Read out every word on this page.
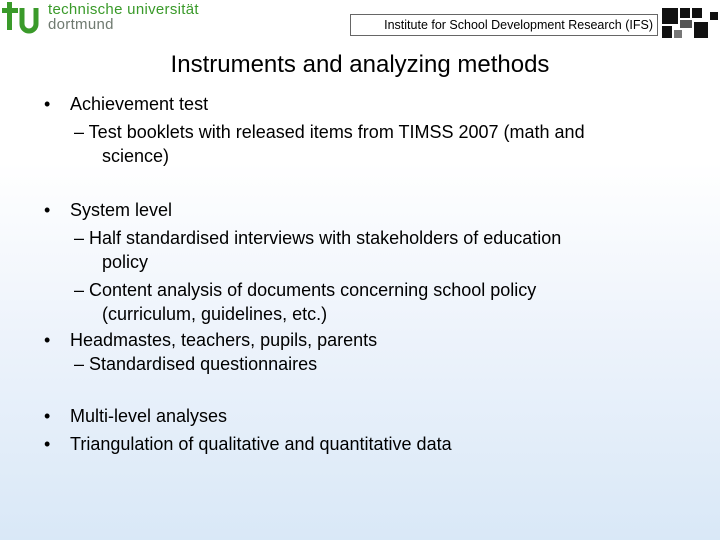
technische universität
dortmund	Institute for School Development Research (IFS)
Instruments and analyzing methods
• Achievement test
– Test booklets with released items from TIMSS 2007 (math and
science)
• System level
– Half standardised interviews with stakeholders of education
policy
– Content analysis of documents concerning school policy
(curriculum, guidelines, etc.)
• Headmastes, teachers, pupils, parents
– Standardised questionnaires
• Multi-level analyses
• Triangulation of qualitative and quantitative data
